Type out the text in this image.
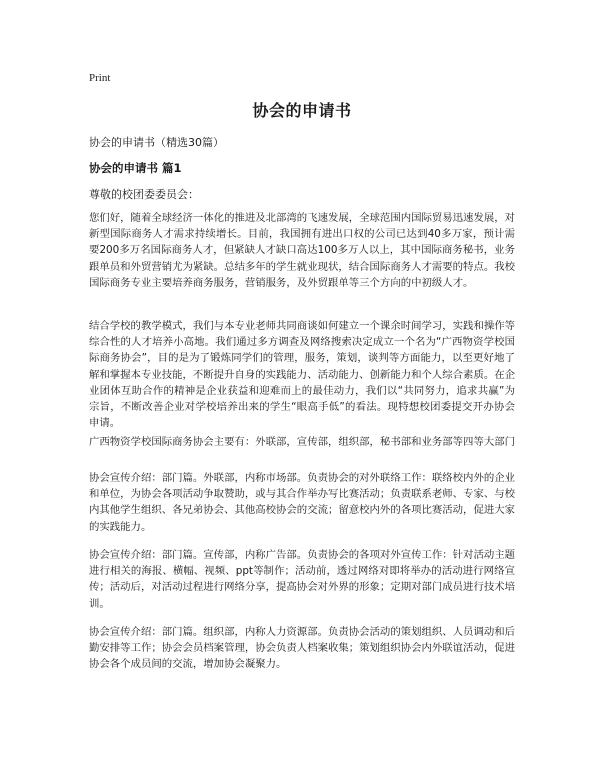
Print
协会的申请书
协会的申请书（精选30篇）
协会的申请书 篇1
尊敬的校团委委员会：

您们好，随着全球经济一体化的推进及北部湾的飞速发展，全球范围内国际贸易迅速发展，对新型国际商务人才需求持续增长。目前，我国拥有进出口权的公司已达到40多万家，预计需要200多万名国际商务人才，但紧缺人才缺口高达100多万人以上，其中国际商务秘书，业务跟单员和外贸营销尤为紧缺。总结多年的学生就业现状，结合国际商务人才需要的特点。我校国际商务专业主要培养商务服务，营销服务，及外贸跟单等三个方向的中初级人才。

结合学校的教学模式，我们与本专业老师共同商谈如何建立一个课余时间学习，实践和操作等综合性的人才培养小高地。我们通过多方调查及网络搜索决定成立一个名为“广西物资学校国际商务协会”，目的是为了锻炼同学们的管理，服务，策划，谈判等方面能力，以至更好地了解和掌握本专业技能，不断提升自身的实践能力、活动能力、创新能力和个人综合素质。在企业团体互助合作的精神是企业获益和迎难而上的最佳动力，我们以“共同努力，追求共赢”为宗旨，不断改善企业对学校培养出来的学生“眼高手低”的看法。现特想校团委提交开办协会申请。

广西物资学校国际商务协会主要有：外联部，宣传部，组织部，秘书部和业务部等四等大部门

协会宣传介绍：部门篇。外联部，内称市场部。负责协会的对外联络工作：联络校内外的企业和单位，为协会各项活动争取赞助，或与其合作举办写比赛活动；负责联系老师、专家、与校内其他学生组织、各兄弟协会、其他高校协会的交流；留意校内外的各项比赛活动，促进大家的实践能力。

协会宣传介绍：部门篇。宣传部，内称广告部。负责协会的各项对外宣传工作：针对活动主题进行相关的海报、横幅、视频、ppt等制作；活动前，透过网络对即将举办的活动进行网络宣传；活动后，对活动过程进行网络分享，提高协会对外界的形象；定期对部门成员进行技术培训。

协会宣传介绍：部门篇。组织部，内称人力资源部。负责协会活动的策划组织、人员调动和后勤安排等工作；协会会员档案管理，协会负责人档案收集；策划组织协会内外联谊活动，促进协会各个成员间的交流，增加协会凝聚力。
